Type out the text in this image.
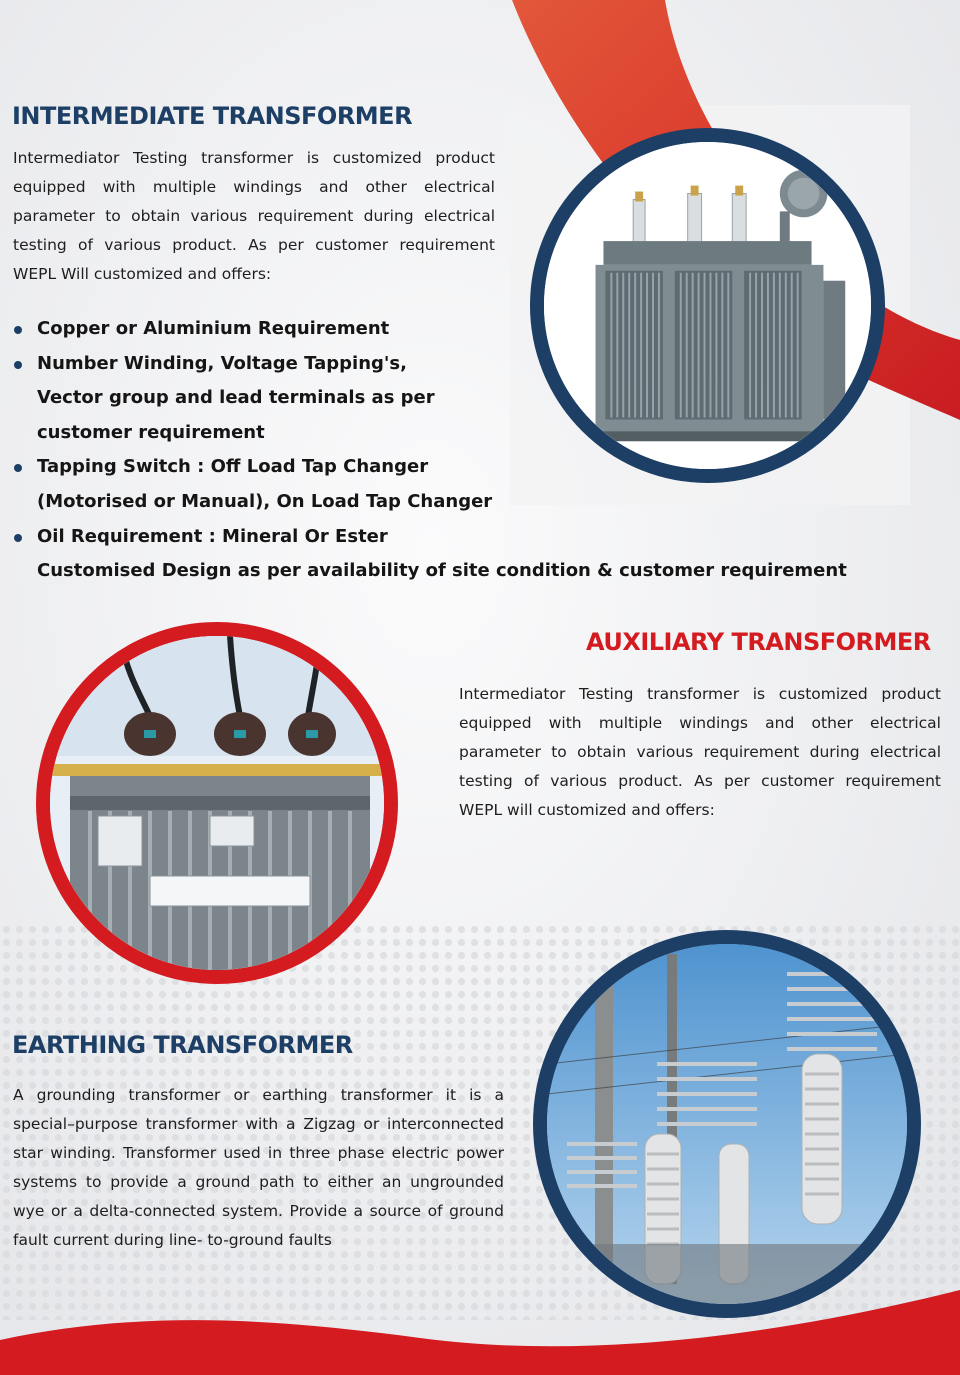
INTERMEDIATE TRANSFORMER

Intermediator Testing transformer is customized product equipped with multiple windings and other electrical parameter to obtain various requirement during electrical testing of various product. As per customer requirement WEPL Will customized and offers:

Copper or Aluminium Requirement
Number Winding, Voltage Tapping's, Vector group and lead terminals as per customer requirement
Tapping Switch : Off Load Tap Changer (Motorised or Manual), On Load Tap Changer
Oil Requirement : Mineral Or Ester
Customised Design as per availability of site condition & customer requirement
AUXILIARY TRANSFORMER

Intermediator Testing transformer is customized product equipped with multiple windings and other electrical parameter to obtain various requirement during electrical testing of various product. As per customer requirement WEPL will customized and offers:

EARTHING TRANSFORMER

A grounding transformer or earthing transformer it is a special–purpose transformer with a Zigzag or interconnected star winding. Transformer used in three phase electric power systems to provide a ground path to either an ungrounded wye or a delta-connected system. Provide a source of ground fault current during line- to-ground faults
